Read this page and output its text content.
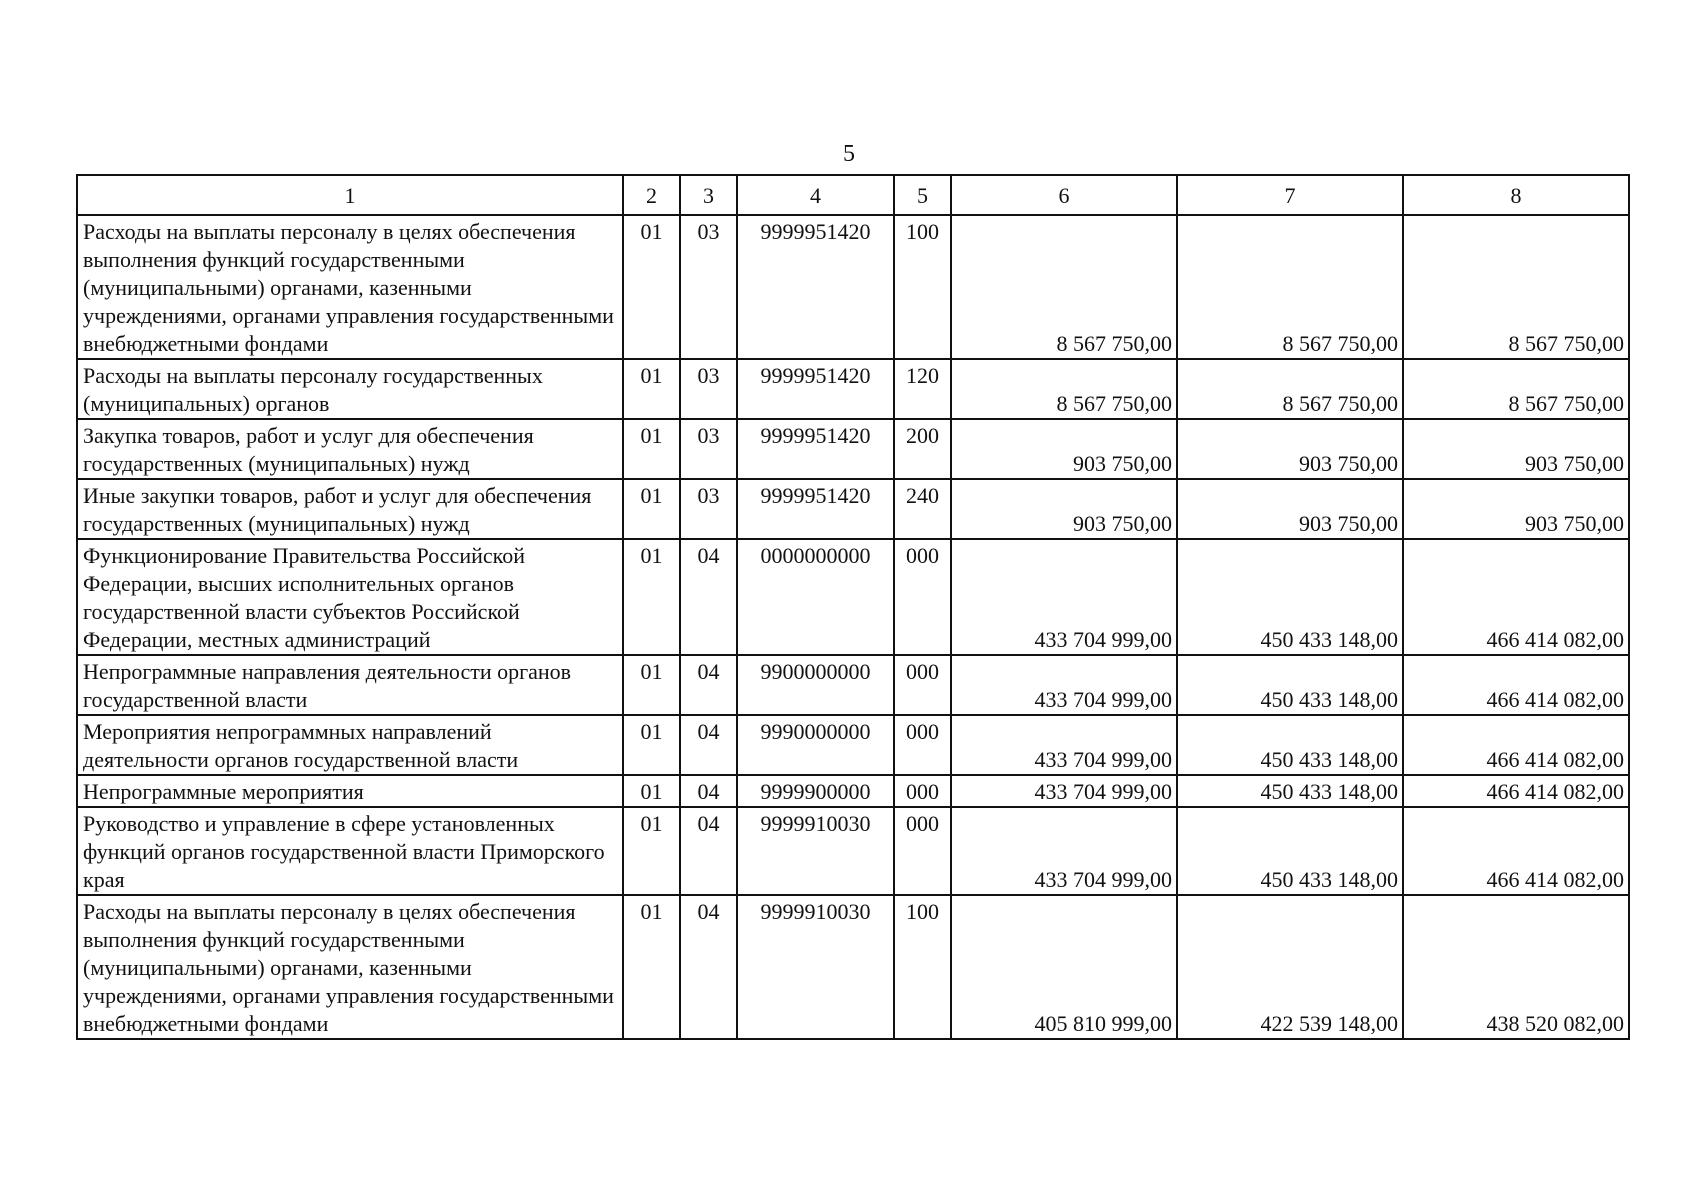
5
1	2	3	4	5	6	7	8
Расходы на выплаты персоналу в целях обеспечения выполнения функций государственными (муниципальными) органами, казенными учреждениями, органами управления государственными внебюджетными фондами	01	03	9999951420	100	8 567 750,00	8 567 750,00	8 567 750,00
Расходы на выплаты персоналу государственных (муниципальных) органов	01	03	9999951420	120	8 567 750,00	8 567 750,00	8 567 750,00
Закупка товаров, работ и услуг для обеспечения государственных (муниципальных) нужд	01	03	9999951420	200	903 750,00	903 750,00	903 750,00
Иные закупки товаров, работ и услуг для обеспечения государственных (муниципальных) нужд	01	03	9999951420	240	903 750,00	903 750,00	903 750,00
Функционирование Правительства Российской Федерации, высших исполнительных органов государственной власти субъектов Российской Федерации, местных администраций	01	04	0000000000	000	433 704 999,00	450 433 148,00	466 414 082,00
Непрограммные направления деятельности органов государственной власти	01	04	9900000000	000	433 704 999,00	450 433 148,00	466 414 082,00
Мероприятия непрограммных направлений деятельности органов государственной власти	01	04	9990000000	000	433 704 999,00	450 433 148,00	466 414 082,00
Непрограммные мероприятия	01	04	9999900000	000	433 704 999,00	450 433 148,00	466 414 082,00
Руководство и управление в сфере установленных функций органов государственной власти Приморского края	01	04	9999910030	000	433 704 999,00	450 433 148,00	466 414 082,00
Расходы на выплаты персоналу в целях обеспечения выполнения функций государственными (муниципальными) органами, казенными учреждениями, органами управления государственными внебюджетными фондами	01	04	9999910030	100	405 810 999,00	422 539 148,00	438 520 082,00
